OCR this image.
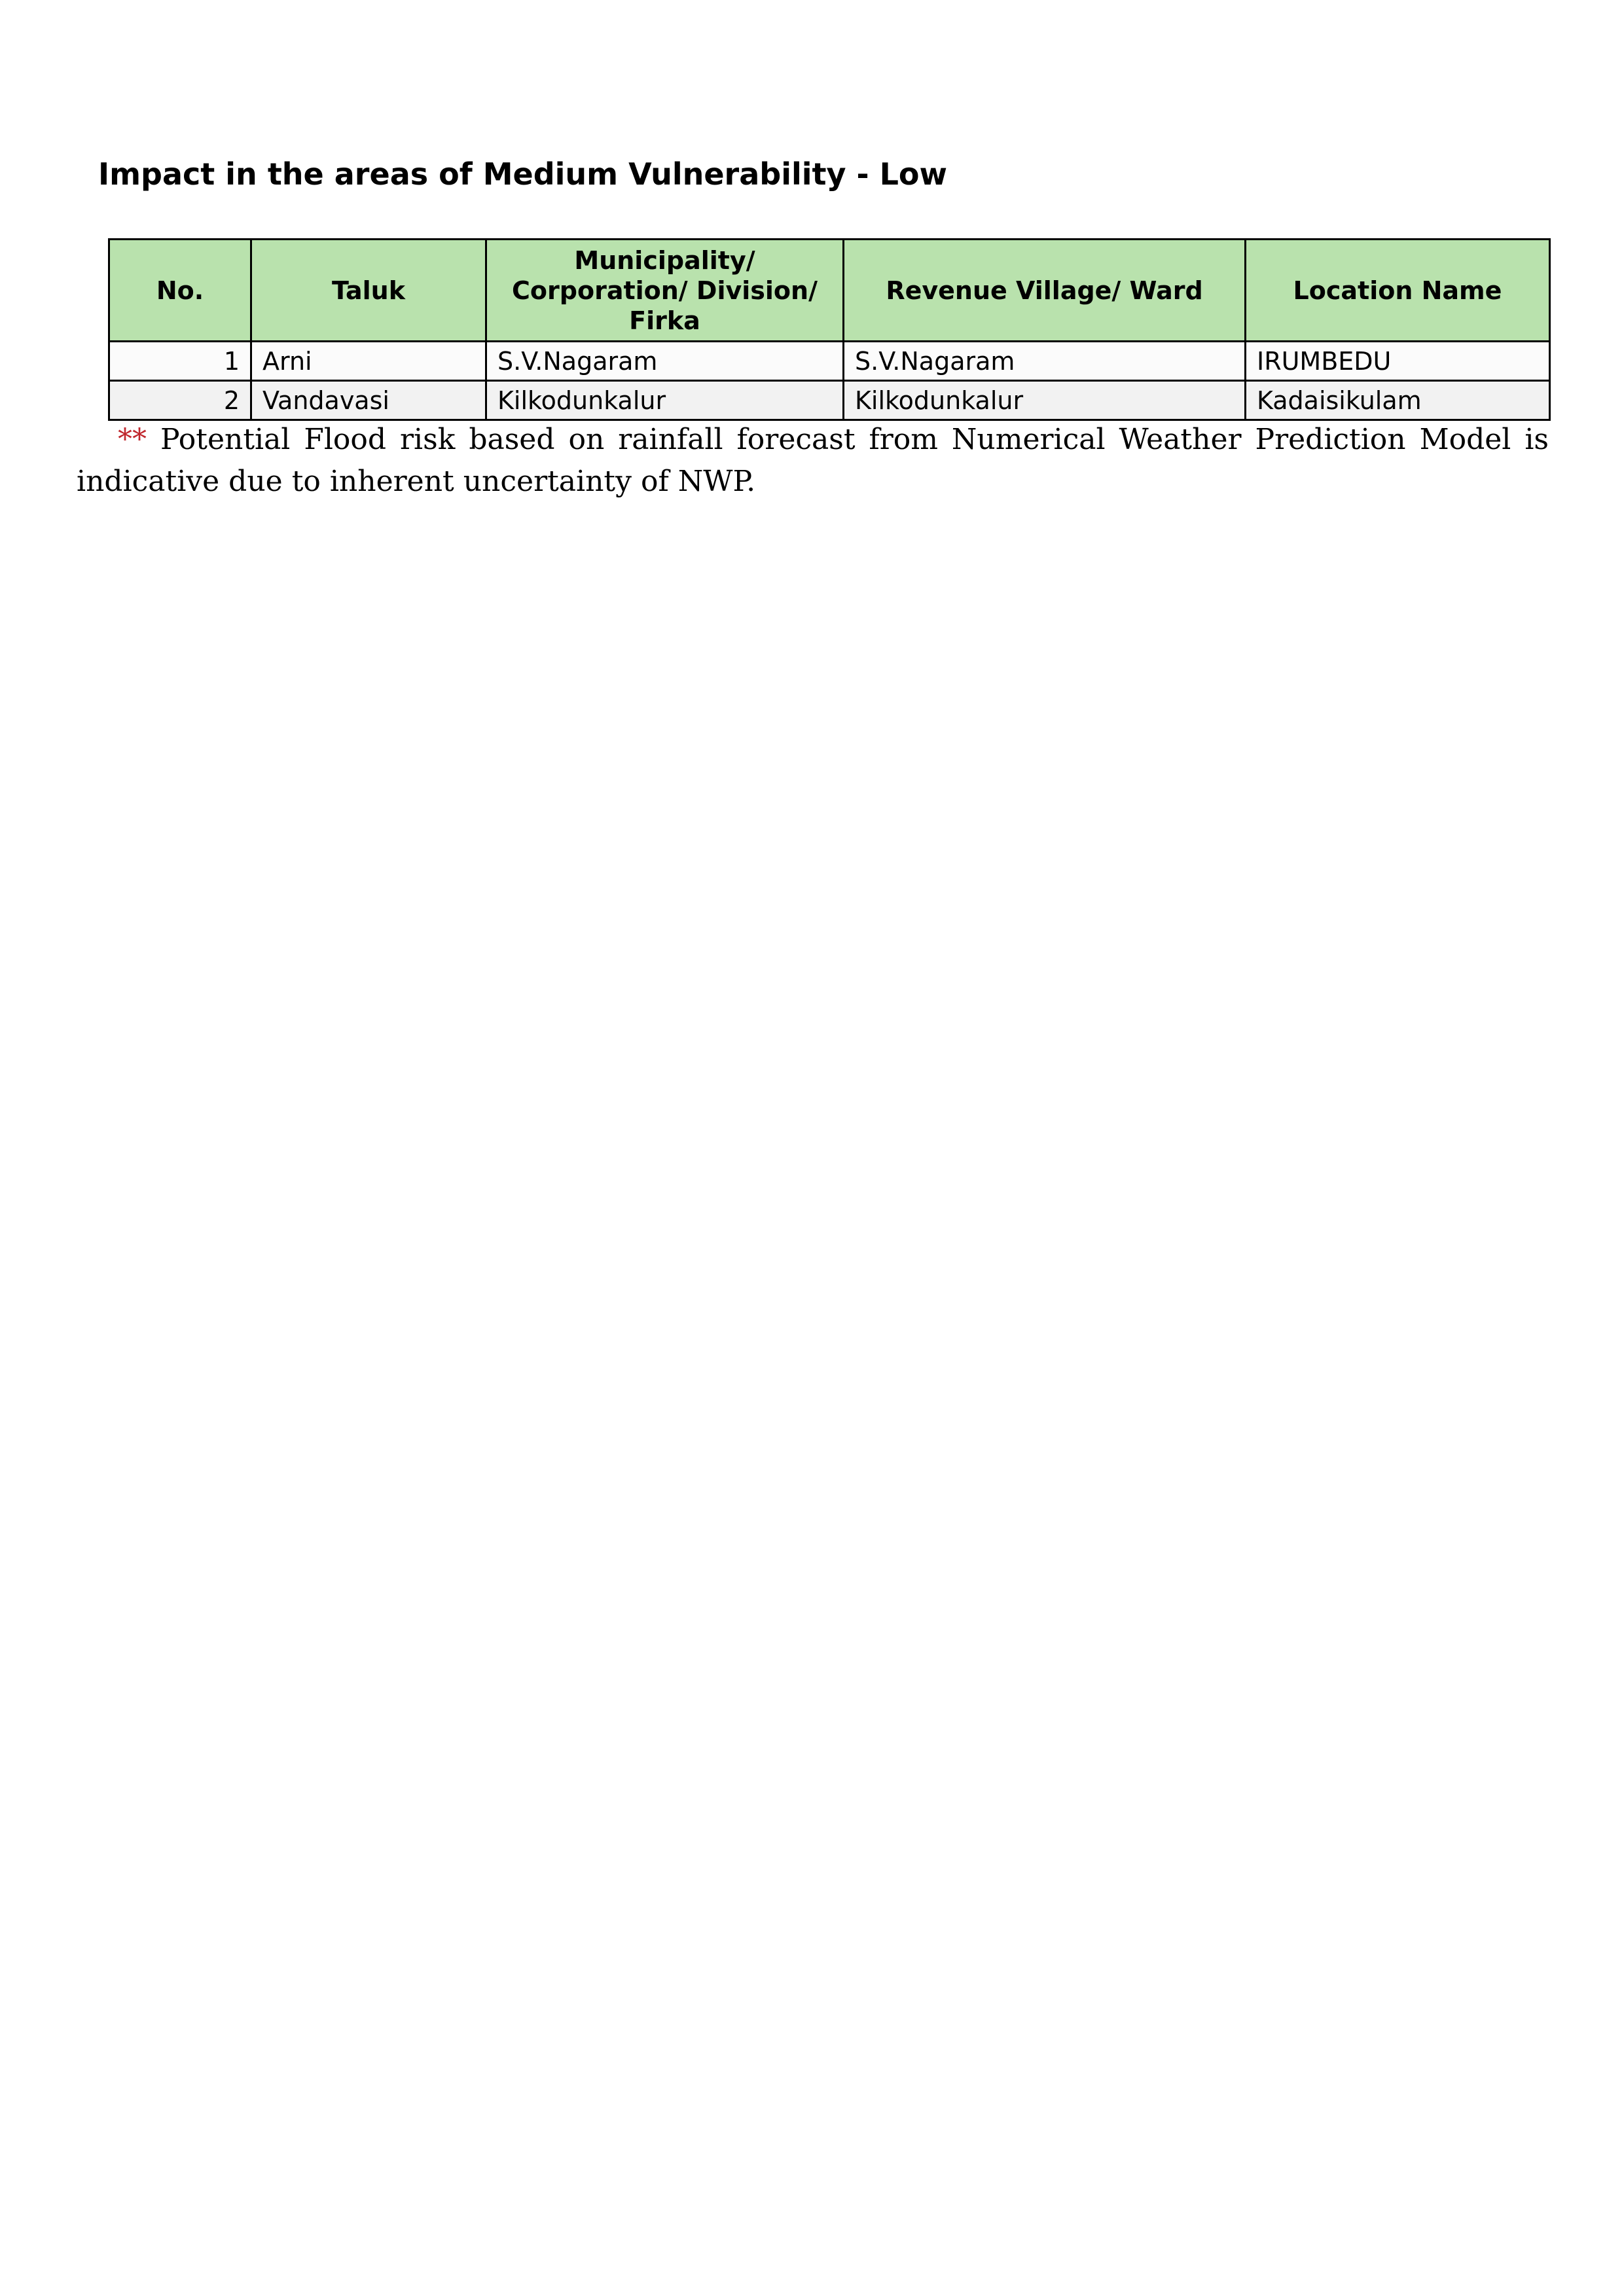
Impact in the areas of Medium Vulnerability - Low
No.	Taluk	Municipality/
Corporation/ Division/
Firka	Revenue Village/ Ward	Location Name
1	Arni	S.V.Nagaram	S.V.Nagaram	IRUMBEDU
2	Vandavasi	Kilkodunkalur	Kilkodunkalur	Kadaisikulam

** Potential Flood risk based on rainfall forecast from Numerical Weather Prediction Model is indicative due to inherent uncertainty of NWP.
